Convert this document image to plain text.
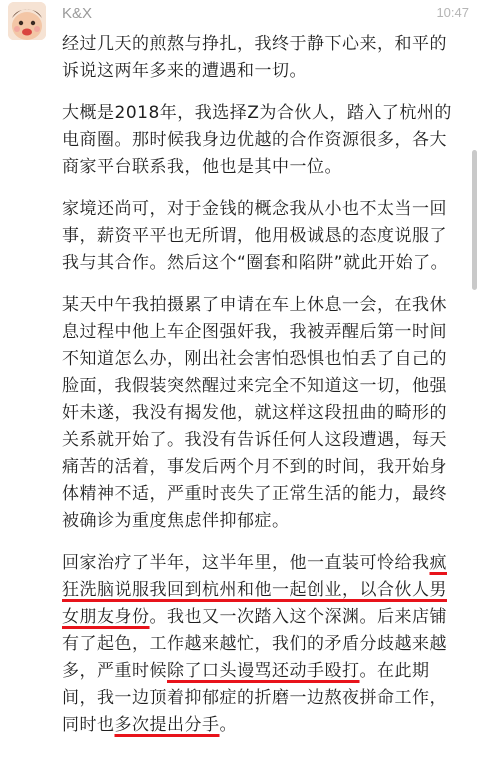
K&X	10:47

经过几天的煎熬与挣扎，我终于静下心来，和平的诉说这两年多来的遭遇和一切。

大概是2018年，我选择Z为合伙人，踏入了杭州的电商圈。那时候我身边优越的合作资源很多，各大商家平台联系我，他也是其中一位。

家境还尚可，对于金钱的概念我从小也不太当一回事，薪资平平也无所谓，他用极诚恳的态度说服了我与其合作。然后这个“圈套和陷阱”就此开始了。

某天中午我拍摄累了申请在车上休息一会，在我休息过程中他上车企图强奸我，我被弄醒后第一时间不知道怎么办，刚出社会害怕恐惧也怕丢了自己的脸面，我假装突然醒过来完全不知道这一切，他强奸未遂，我没有揭发他，就这样这段扭曲的畸形的关系就开始了。我没有告诉任何人这段遭遇，每天痛苦的活着，事发后两个月不到的时间，我开始身体精神不适，严重时丧失了正常生活的能力，最终被确诊为重度焦虑伴抑郁症。

回家治疗了半年，这半年里，他一直装可怜给我疯狂洗脑说服我回到杭州和他一起创业，以合伙人男女朋友身份。我也又一次踏入这个深渊。后来店铺有了起色，工作越来越忙，我们的矛盾分歧越来越多，严重时候除了口头谩骂还动手殴打。在此期间，我一边顶着抑郁症的折磨一边熬夜拼命工作，同时也多次提出分手。
